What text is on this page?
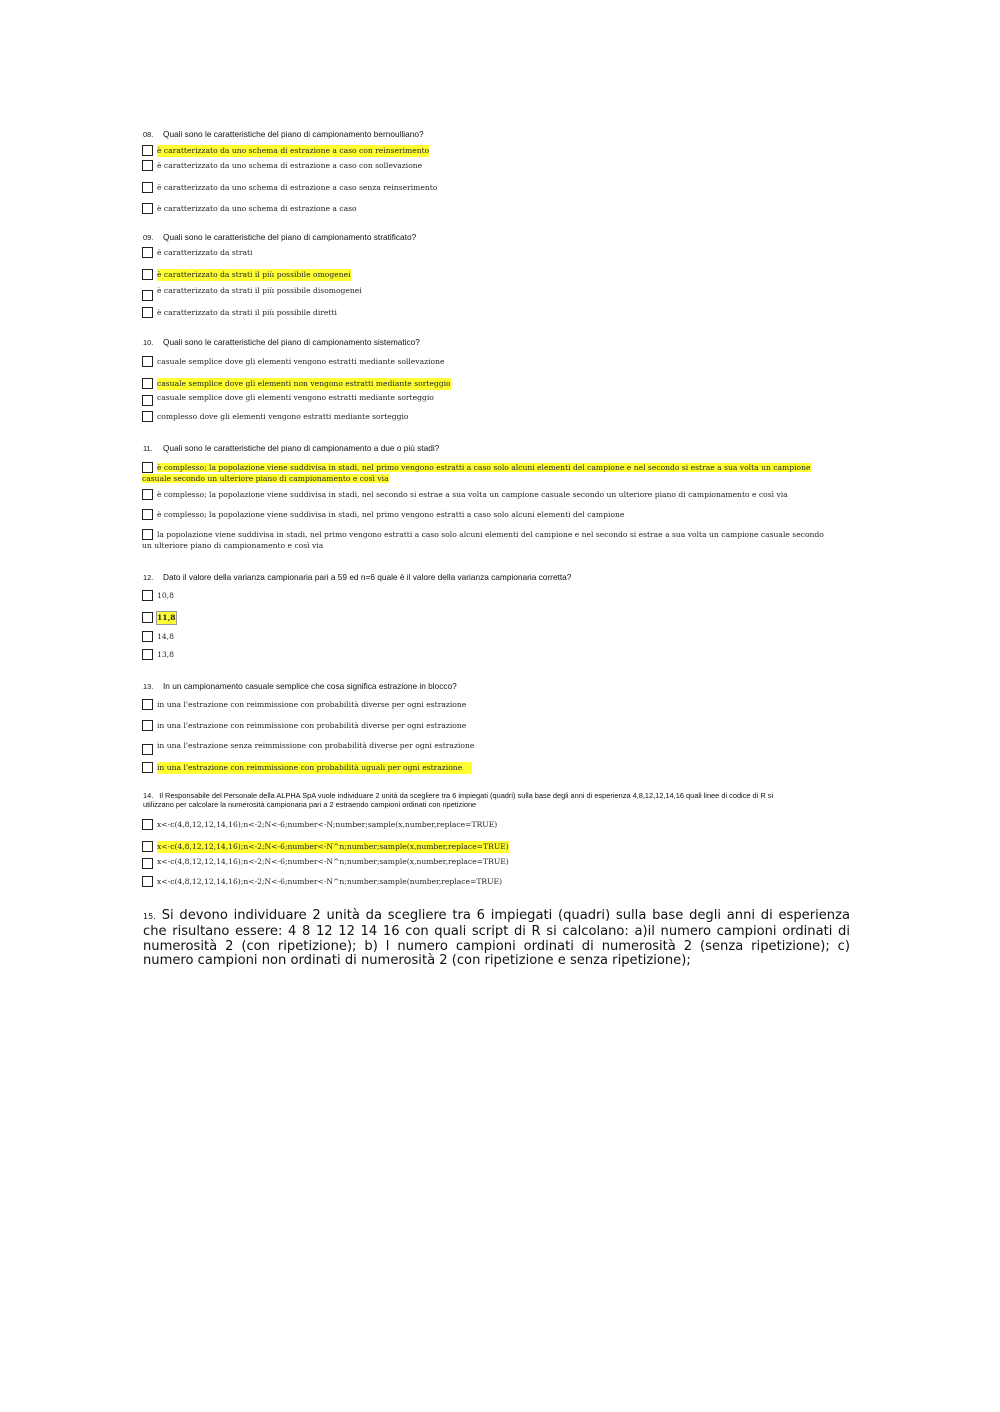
08. Quali sono le caratteristiche del piano di campionamento bernoulliano?
è caratterizzato da uno schema di estrazione a caso con reinserimento
è caratterizzato da uno schema di estrazione a caso con sollevazione
è caratterizzato da uno schema di estrazione a caso senza reinserimento
è caratterizzato da uno schema di estrazione a caso
09. Quali sono le caratteristiche del piano di campionamento stratificato?
è caratterizzato da strati
è caratterizzato da strati il più possibile omogenei
è caratterizzato da strati il più possibile disomogenei
è caratterizzato da strati il più possibile diretti
10. Quali sono le caratteristiche del piano di campionamento sistematico?
casuale semplice dove gli elementi vengono estratti mediante sollevazione
casuale semplice dove gli elementi non vengono estratti mediante sorteggio
casuale semplice dove gli elementi vengono estratti mediante sorteggio
complesso dove gli elementi vengono estratti mediante sorteggio
11. Quali sono le caratteristiche del piano di campionamento a due o più stadi?
è complesso; la popolazione viene suddivisa in stadi, nel primo vengono estratti a caso solo alcuni elementi del campione e nel secondo si estrae a sua volta un campione casuale secondo un ulteriore piano di campionamento e così via
è complesso; la popolazione viene suddivisa in stadi, nel secondo si estrae a sua volta un campione casuale secondo un ulteriore piano di campionamento e così via
è complesso; la popolazione viene suddivisa in stadi, nel primo vengono estratti a caso solo alcuni elementi del campione
la popolazione viene suddivisa in stadi, nel primo vengono estratti a caso solo alcuni elementi del campione e nel secondo si estrae a sua volta un campione casuale secondo un ulteriore piano di campionamento e così via
12. Dato il valore della varianza campionaria pari a 59 ed n=6 quale è il valore della varianza campionaria corretta?
10,8
11,8
14,8
13,8
13. In un campionamento casuale semplice che cosa significa estrazione in blocco?
in una l'estrazione con reimmissione con probabilità diverse per ogni estrazione
in una l'estrazione con reimmissione con probabilità diverse per ogni estrazione
in una l'estrazione senza reimmissione con probabilità diverse per ogni estrazione
in una l'estrazione con reimmissione con probabilità uguali per ogni estrazione
14. Il Responsabile del Personale della ALPHA SpA vuole individuare 2 unità da scegliere tra 6 impiegati (quadri) sulla base degli anni di esperienza 4,8,12,12,14,16 quali linee di codice di R si utilizzano per calcolare la numerosità campionaria pari a 2 estraendo campioni ordinati con ripetizione
x<-c(4,8,12,12,14,16);n<-2;N<-6;number<-N;number;sample(x,number,replace=TRUE)
x<-c(4,8,12,12,14,16);n<-2;N<-6;number<-N^n;number;sample(x,number,replace=TRUE)
x<-c(4,8,12,12,14,16);n<-2;N<-6;number<-N^n;number;sample(x,number,replace=TRUE)
x<-c(4,8,12,12,14,16);n<-2;N<-6;number<-N^n;number;sample(number,replace=TRUE)
15. Si devono individuare 2 unità da scegliere tra 6 impiegati (quadri) sulla base degli anni di esperienza che risultano essere: 4 8 12 12 14 16 con quali script di R si calcolano: a)il numero campioni ordinati di numerosità 2 (con ripetizione); b) l numero campioni ordinati di numerosità 2 (senza ripetizione); c) numero campioni non ordinati di numerosità 2 (con ripetizione e senza ripetizione);
